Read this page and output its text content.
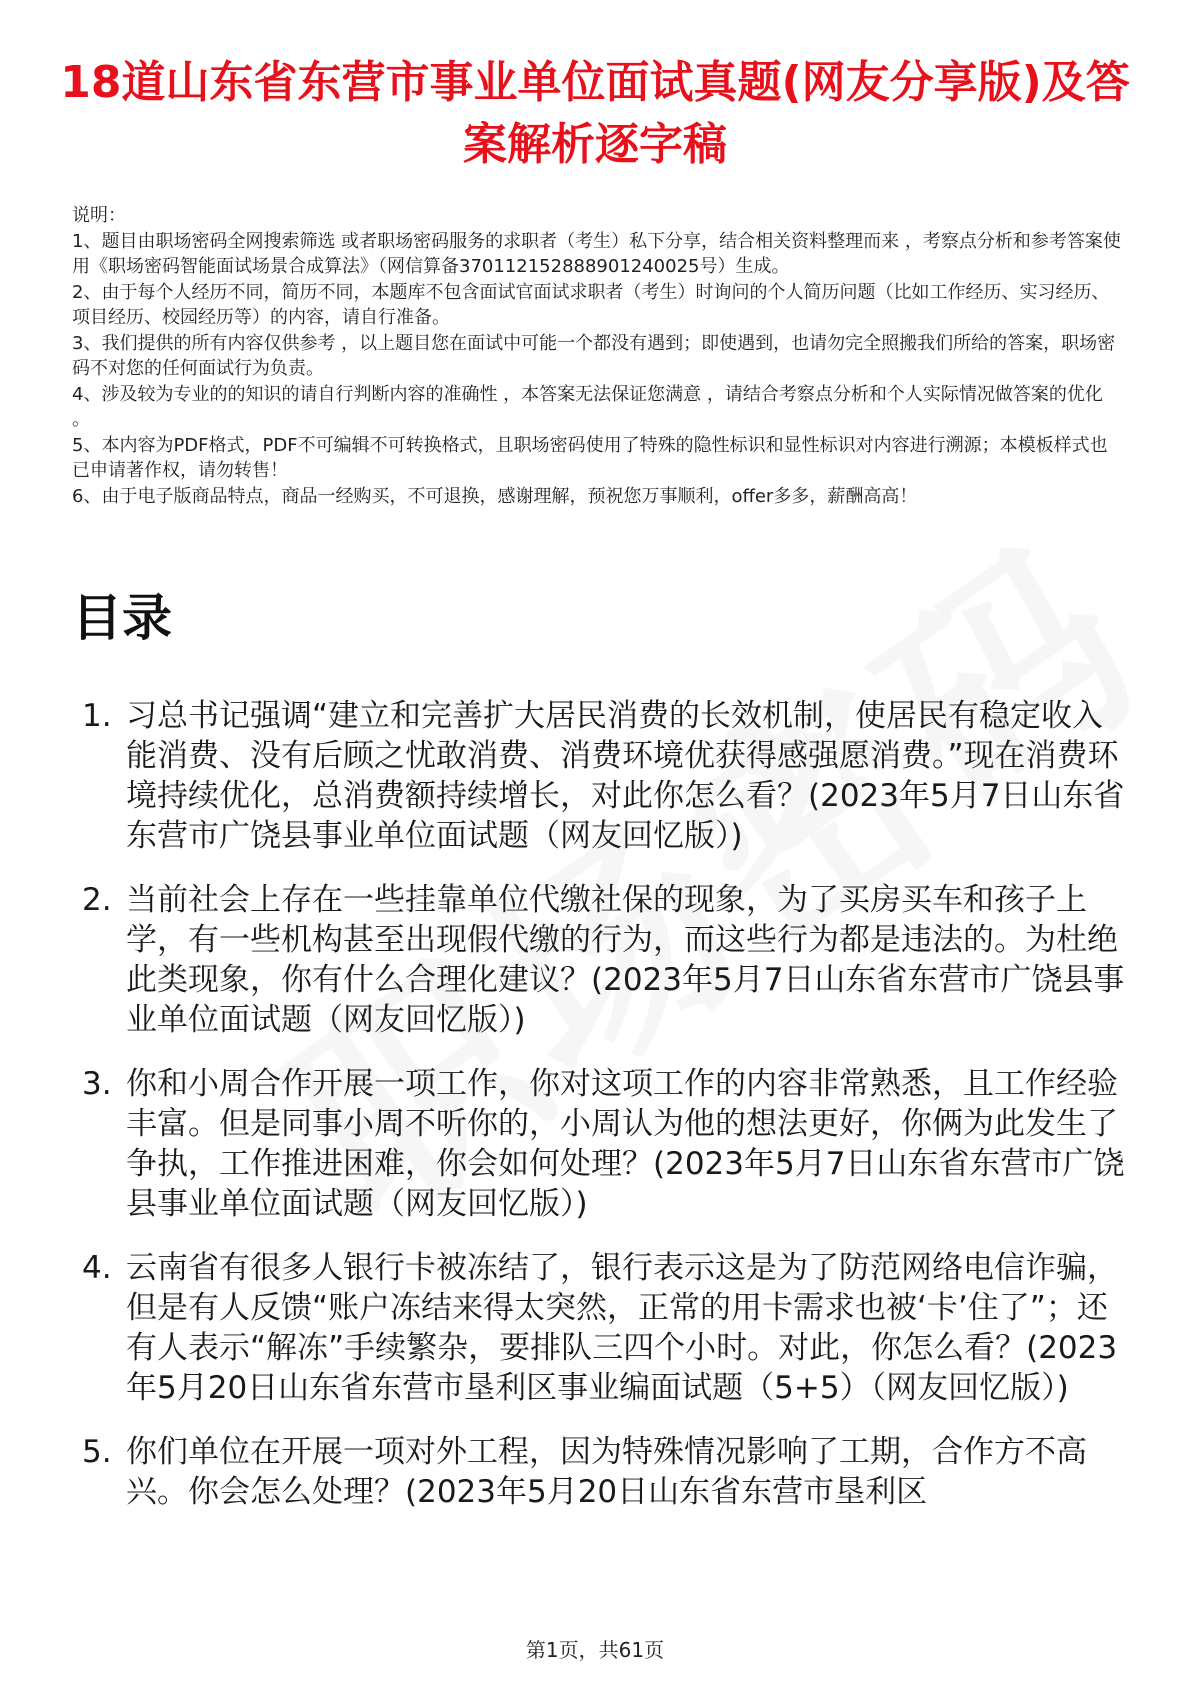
18道山东省东营市事业单位面试真题(网友分享版)及答案解析逐字稿

说明：

1、题目由职场密码全网搜索筛选 或者职场密码服务的求职者（考生）私下分享，结合相关资料整理而来 ，考察点分析和参考答案使用《职场密码智能面试场景合成算法》（网信算备370112152888901240025号）生成。

2、由于每个人经历不同，简历不同，本题库不包含面试官面试求职者（考生）时询问的个人简历问题（比如工作经历、实习经历、项目经历、校园经历等）的内容，请自行准备。

3、我们提供的所有内容仅供参考 ，以上题目您在面试中可能一个都没有遇到；即使遇到，也请勿完全照搬我们所给的答案，职场密码不对您的任何面试行为负责。

4、涉及较为专业的的知识的请自行判断内容的准确性 ，本答案无法保证您满意 ，请结合考察点分析和个人实际情况做答案的优化 。

5、本内容为PDF格式，PDF不可编辑不可转换格式，且职场密码使用了特殊的隐性标识和显性标识对内容进行溯源；本模板样式也已申请著作权，请勿转售！

6、由于电子版商品特点，商品一经购买，不可退换，感谢理解，预祝您万事顺利，offer多多，薪酬高高！

目录
1. 习总书记强调“建立和完善扩大居民消费的长效机制，使居民有稳定收入能消费、没有后顾之忧敢消费、消费环境优获得感强愿消费。”现在消费环境持续优化，总消费额持续增长，对此你怎么看？(2023年5月7日山东省东营市广饶县事业单位面试题（网友回忆版）)
2. 当前社会上存在一些挂靠单位代缴社保的现象，为了买房买车和孩子上学，有一些机构甚至出现假代缴的行为，而这些行为都是违法的。为杜绝此类现象，你有什么合理化建议？(2023年5月7日山东省东营市广饶县事业单位面试题（网友回忆版）)
3. 你和小周合作开展一项工作，你对这项工作的内容非常熟悉，且工作经验丰富。但是同事小周不听你的，小周认为他的想法更好，你俩为此发生了争执，工作推进困难，你会如何处理？(2023年5月7日山东省东营市广饶县事业单位面试题（网友回忆版）)
4. 云南省有很多人银行卡被冻结了，银行表示这是为了防范网络电信诈骗，但是有人反馈“账户冻结来得太突然，正常的用卡需求也被‘卡’住了”；还有人表示“解冻”手续繁杂，要排队三四个小时。对此，你怎么看？(2023年5月20日山东省东营市垦利区事业编面试题（5+5）（网友回忆版）)
5. 你们单位在开展一项对外工程，因为特殊情况影响了工期，合作方不高兴。你会怎么处理？(2023年5月20日山东省东营市垦利区
第1页，共61页
